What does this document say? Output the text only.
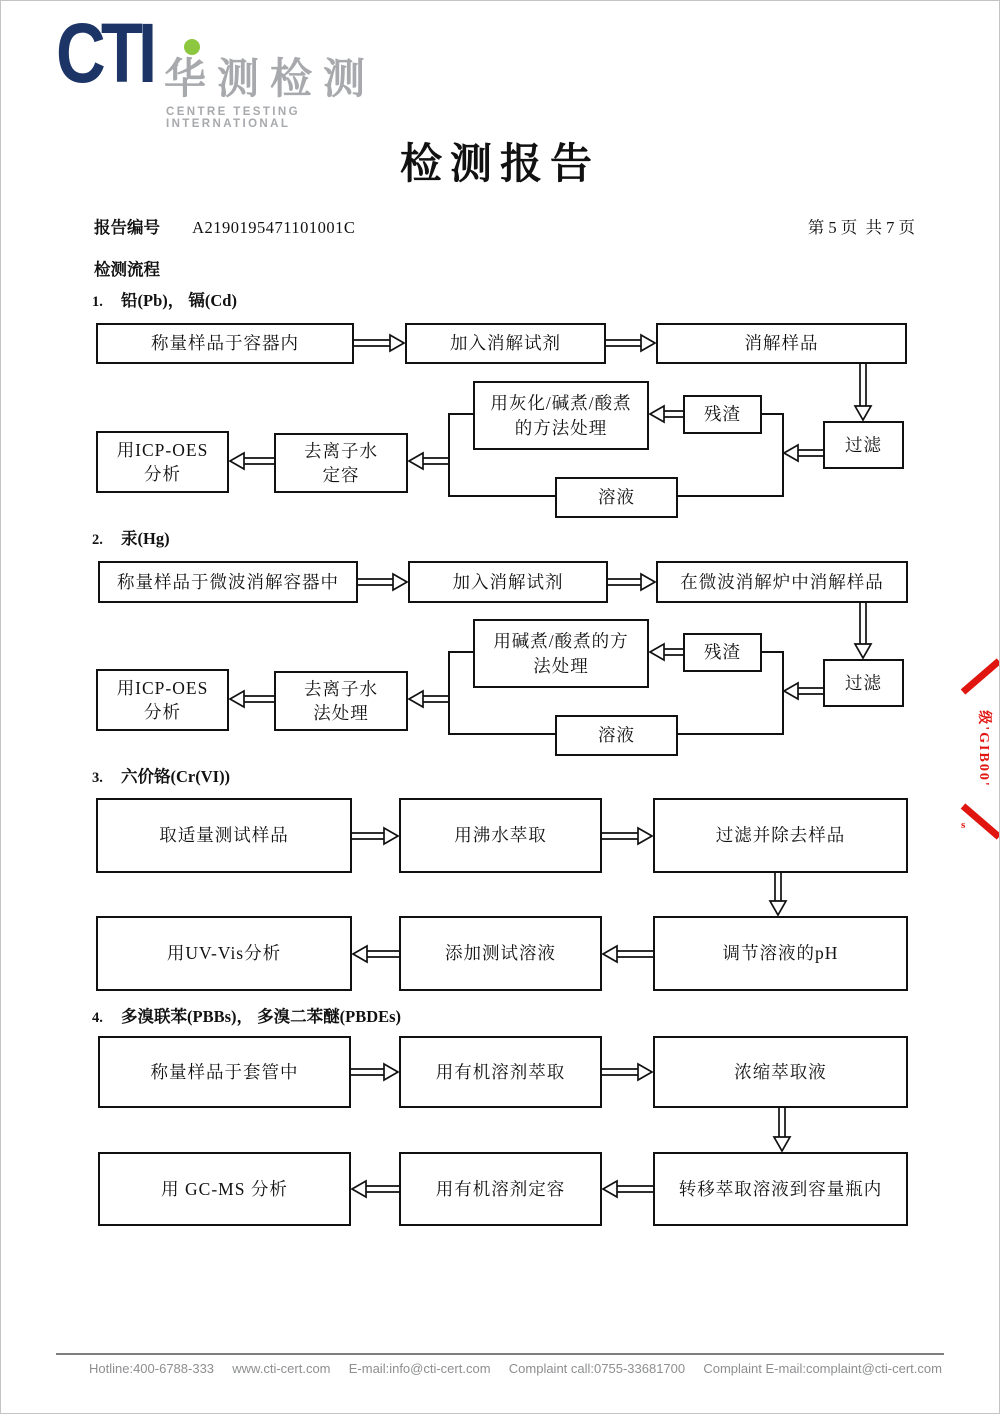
CTI 华测检测
CENTRE TESTING INTERNATIONAL
检测报告
报告编号 A2190195471101001C	第 5 页  共 7 页
检测流程
1. 铅(Pb)， 镉(Cd)
称量样品于容器内	加入消解试剂	消解样品
用灰化/碱煮/酸煮
的方法处理
残渣
过滤
溶液
去离子水
定容
用ICP-OES
分析
2. 汞(Hg)
称量样品于微波消解容器中	加入消解试剂	在微波消解炉中消解样品
用碱煮/酸煮的方
法处理
残渣
过滤
溶液
去离子水
法处理
用ICP-OES
分析
3. 六价铬(Cr(VI))
取适量测试样品	用沸水萃取	过滤并除去样品
用UV-Vis分析	添加测试溶液	调节溶液的pH
4. 多溴联苯(PBBs)， 多溴二苯醚(PBDEs)
称量样品于套管中	用有机溶剂萃取	浓缩萃取液
用 GC-MS 分析	用有机溶剂定容	转移萃取溶液到容量瓶内
级'GIB00'
s
Hotline:400-6788-333 www.cti-cert.com E-mail:info@cti-cert.com Complaint call:0755-33681700 Complaint E-mail:complaint@cti-cert.com
